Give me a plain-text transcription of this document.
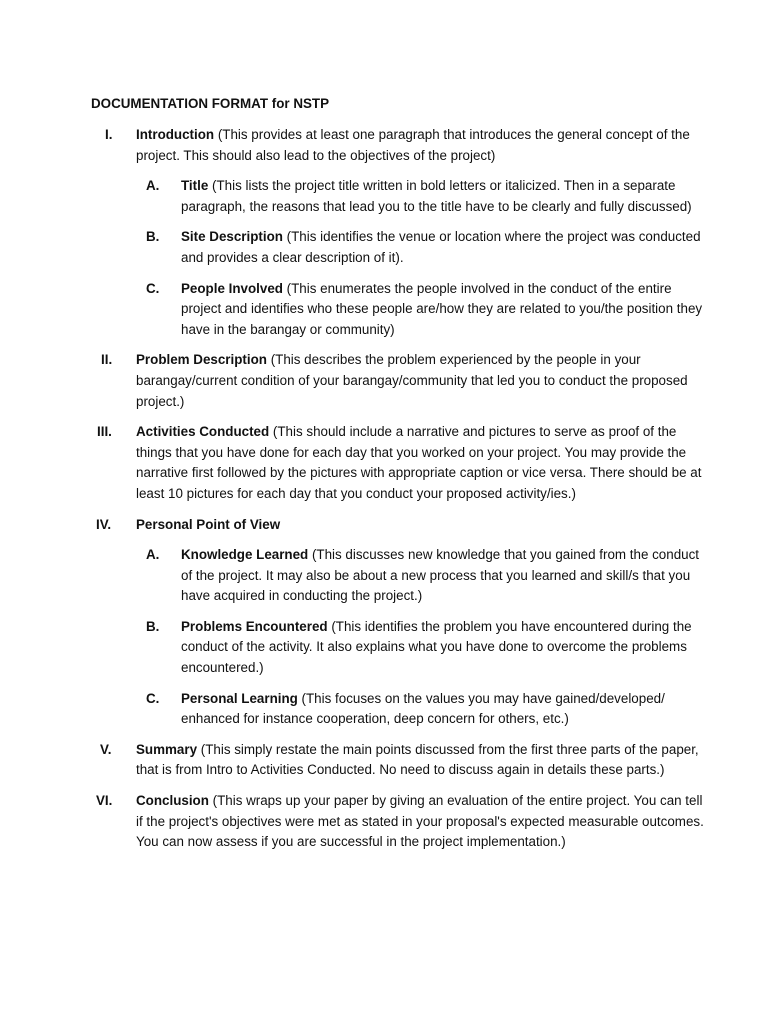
DOCUMENTATION FORMAT for NSTP
I. Introduction (This provides at least one paragraph that introduces the general concept of the project. This should also lead to the objectives of the project)
A. Title (This lists the project title written in bold letters or italicized. Then in a separate paragraph, the reasons that lead you to the title have to be clearly and fully discussed)
B. Site Description (This identifies the venue or location where the project was conducted and provides a clear description of it).
C. People Involved (This enumerates the people involved in the conduct of the entire project and identifies who these people are/how they are related to you/the position they have in the barangay or community)
II. Problem Description (This describes the problem experienced by the people in your barangay/current condition of your barangay/community that led you to conduct the proposed project.)
III. Activities Conducted (This should include a narrative and pictures to serve as proof of the things that you have done for each day that you worked on your project. You may provide the narrative first followed by the pictures with appropriate caption or vice versa. There should be at least 10 pictures for each day that you conduct your proposed activity/ies.)
IV. Personal Point of View
A. Knowledge Learned (This discusses new knowledge that you gained from the conduct of the project. It may also be about a new process that you learned and skill/s that you have acquired in conducting the project.)
B. Problems Encountered (This identifies the problem you have encountered during the conduct of the activity. It also explains what you have done to overcome the problems encountered.)
C. Personal Learning (This focuses on the values you may have gained/developed/ enhanced for instance cooperation, deep concern for others, etc.)
V. Summary (This simply restate the main points discussed from the first three parts of the paper, that is from Intro to Activities Conducted. No need to discuss again in details these parts.)
VI. Conclusion (This wraps up your paper by giving an evaluation of the entire project. You can tell if the project's objectives were met as stated in your proposal's expected measurable outcomes. You can now assess if you are successful in the project implementation.)
